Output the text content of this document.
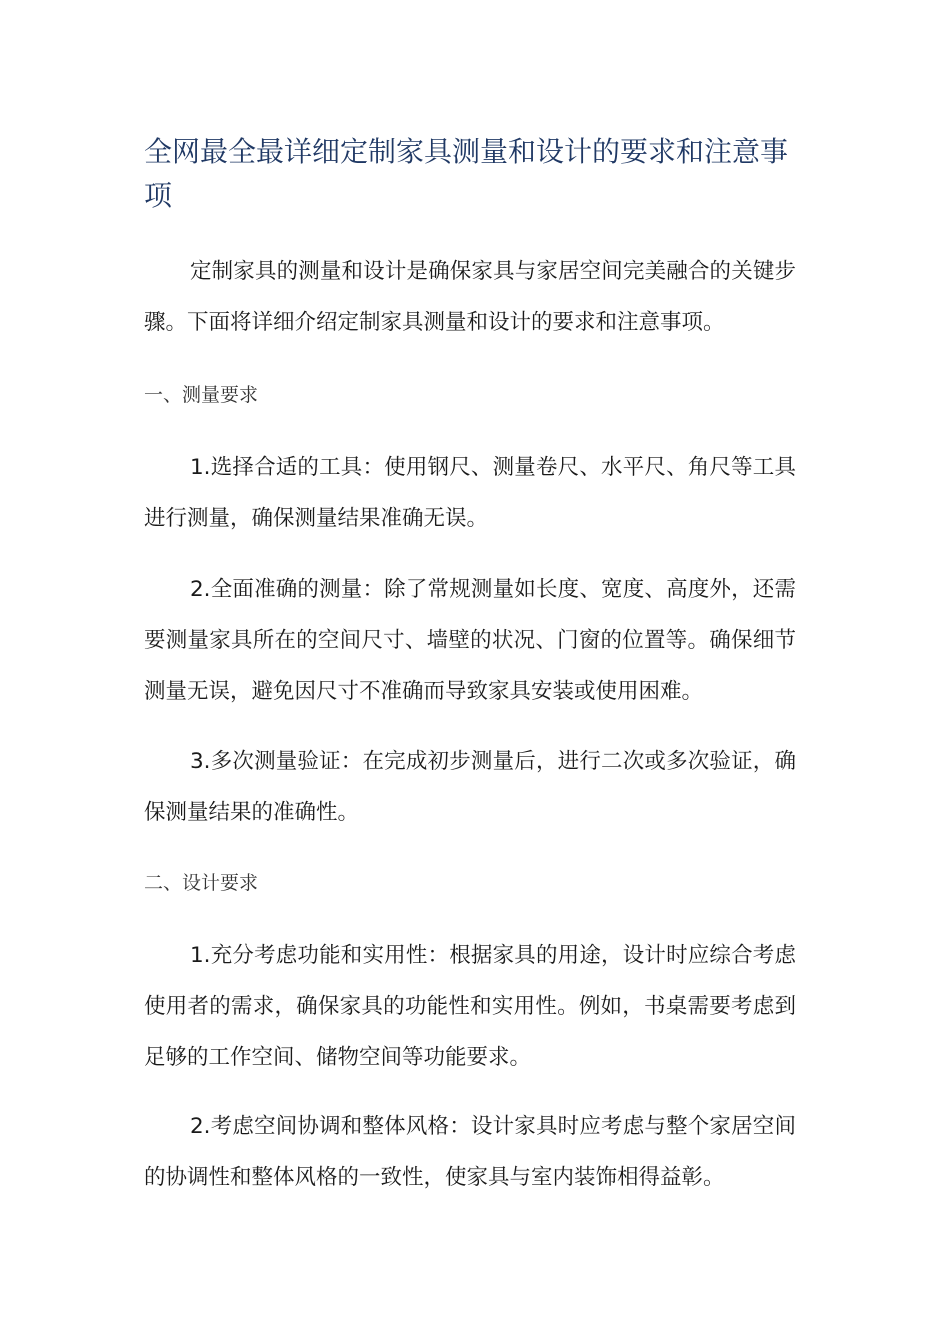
全网最全最详细定制家具测量和设计的要求和注意事项

定制家具的测量和设计是确保家具与家居空间完美融合的关键步骤。下面将详细介绍定制家具测量和设计的要求和注意事项。

一、测量要求

1.选择合适的工具：使用钢尺、测量卷尺、水平尺、角尺等工具进行测量，确保测量结果准确无误。

2.全面准确的测量：除了常规测量如长度、宽度、高度外，还需要测量家具所在的空间尺寸、墙壁的状况、门窗的位置等。确保细节测量无误，避免因尺寸不准确而导致家具安装或使用困难。

3.多次测量验证：在完成初步测量后，进行二次或多次验证，确保测量结果的准确性。

二、设计要求

1.充分考虑功能和实用性：根据家具的用途，设计时应综合考虑使用者的需求，确保家具的功能性和实用性。例如，书桌需要考虑到足够的工作空间、储物空间等功能要求。

2.考虑空间协调和整体风格：设计家具时应考虑与整个家居空间的协调性和整体风格的一致性，使家具与室内装饰相得益彰。
